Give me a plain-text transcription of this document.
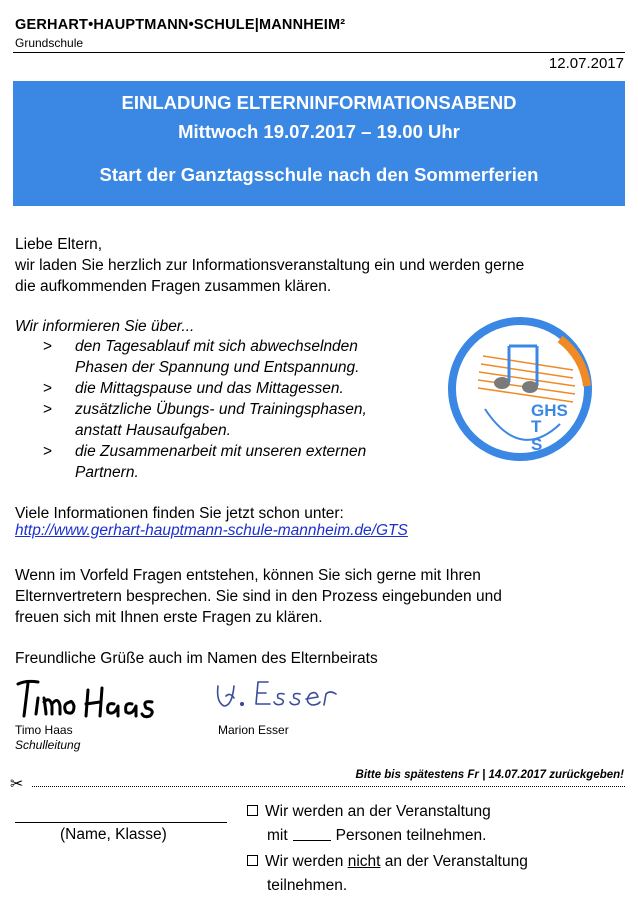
GERHART•HAUPTMANN•SCHULE|MANNHEIM²
Grundschule
12.07.2017
EINLADUNG ELTERNINFORMATIONSABEND
Mittwoch 19.07.2017 – 19.00 Uhr
Start der Ganztagsschule nach den Sommerferien
Liebe Eltern,
wir laden Sie herzlich zur Informationsveranstaltung ein und werden gerne
die aufkommenden Fragen zusammen klären.
Wir informieren Sie über...
> den Tagesablauf mit sich abwechselnden
Phasen der Spannung und Entspannung.
> die Mittagspause und das Mittagessen.
> zusätzliche Übungs- und Trainingsphasen,
anstatt Hausaufgaben.
> die Zusammenarbeit mit unseren externen
Partnern.
GHS
T
S
Viele Informationen finden Sie jetzt schon unter:
http://www.gerhart-hauptmann-schule-mannheim.de/GTS
Wenn im Vorfeld Fragen entstehen, können Sie sich gerne mit Ihren
Elternvertretern besprechen. Sie sind in den Prozess eingebunden und
freuen sich mit Ihnen erste Fragen zu klären.
Freundliche Grüße auch im Namen des Elternbeirats
Timo Haas
Schulleitung
Marion Esser
Bitte bis spätestens Fr | 14.07.2017 zurückgeben!
✂
(Name, Klasse)
Wir werden an der Veranstaltung
mit	Personen teilnehmen.
Wir werden nicht an der Veranstaltung
teilnehmen.
